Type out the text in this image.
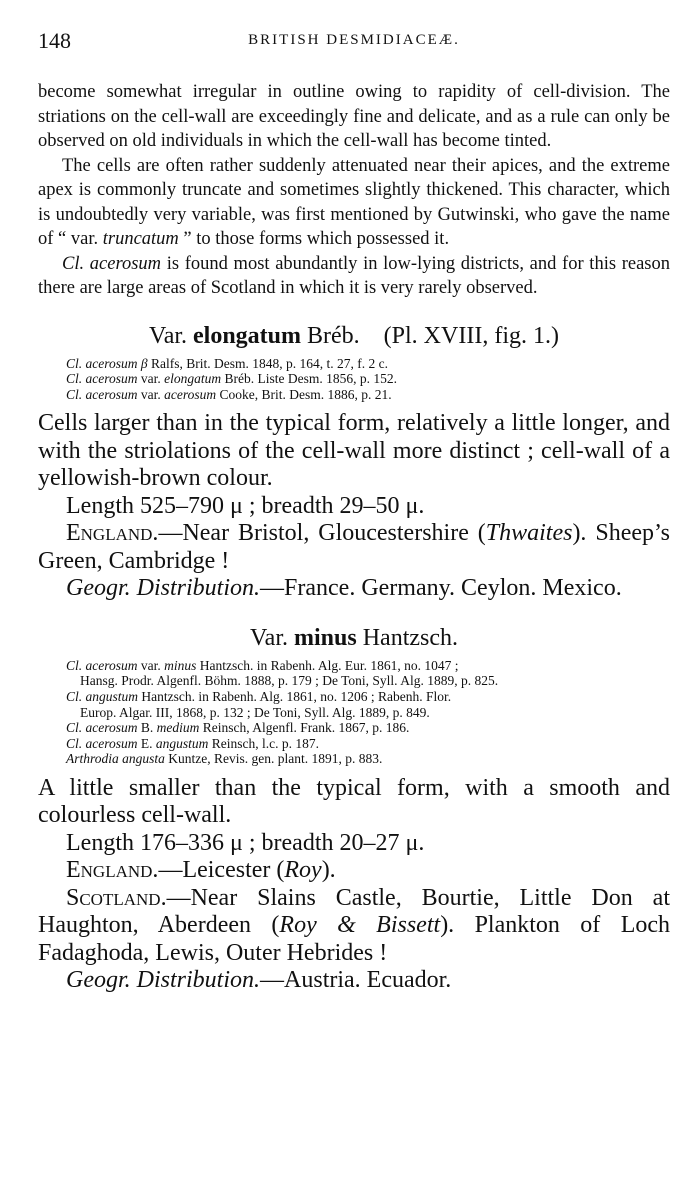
148	BRITISH DESMIDIACEÆ.

become somewhat irregular in outline owing to rapidity of cell-division. The striations on the cell-wall are exceedingly fine and delicate, and as a rule can only be observed on old individuals in which the cell-wall has become tinted.

The cells are often rather suddenly attenuated near their apices, and the extreme apex is commonly truncate and sometimes slightly thickened. This character, which is undoubtedly very variable, was first mentioned by Gutwinski, who gave the name of “ var. truncatum ” to those forms which possessed it.

Cl. acerosum is found most abundantly in low-lying districts, and for this reason there are large areas of Scotland in which it is very rarely observed.

Var. elongatum Bréb. (Pl. XVIII, fig. 1.)
Cl. acerosum β Ralfs, Brit. Desm. 1848, p. 164, t. 27, f. 2 c.
Cl. acerosum var. elongatum Bréb. Liste Desm. 1856, p. 152.
Cl. acerosum var. acerosum Cooke, Brit. Desm. 1886, p. 21.

Cells larger than in the typical form, relatively a little longer, and with the striolations of the cell-wall more distinct ; cell-wall of a yellowish-brown colour.

Length 525–790 μ ; breadth 29–50 μ.

England.—Near Bristol, Gloucestershire (Thwaites). Sheep’s Green, Cambridge !

Geogr. Distribution.—France. Germany. Ceylon. Mexico.

Var. minus Hantzsch.
Cl. acerosum var. minus Hantzsch. in Rabenh. Alg. Eur. 1861, no. 1047 ;
Hansg. Prodr. Algenfl. Böhm. 1888, p. 179 ; De Toni, Syll. Alg. 1889, p. 825.
Cl. angustum Hantzsch. in Rabenh. Alg. 1861, no. 1206 ; Rabenh. Flor.
Europ. Algar. III, 1868, p. 132 ; De Toni, Syll. Alg. 1889, p. 849.
Cl. acerosum B. medium Reinsch, Algenfl. Frank. 1867, p. 186.
Cl. acerosum E. angustum Reinsch, l.c. p. 187.
Arthrodia angusta Kuntze, Revis. gen. plant. 1891, p. 883.

A little smaller than the typical form, with a smooth and colourless cell-wall.

Length 176–336 μ ; breadth 20–27 μ.

England.—Leicester (Roy).

Scotland.—Near Slains Castle, Bourtie, Little Don at Haughton, Aberdeen (Roy & Bissett). Plankton of Loch Fadaghoda, Lewis, Outer Hebrides !

Geogr. Distribution.—Austria. Ecuador.
